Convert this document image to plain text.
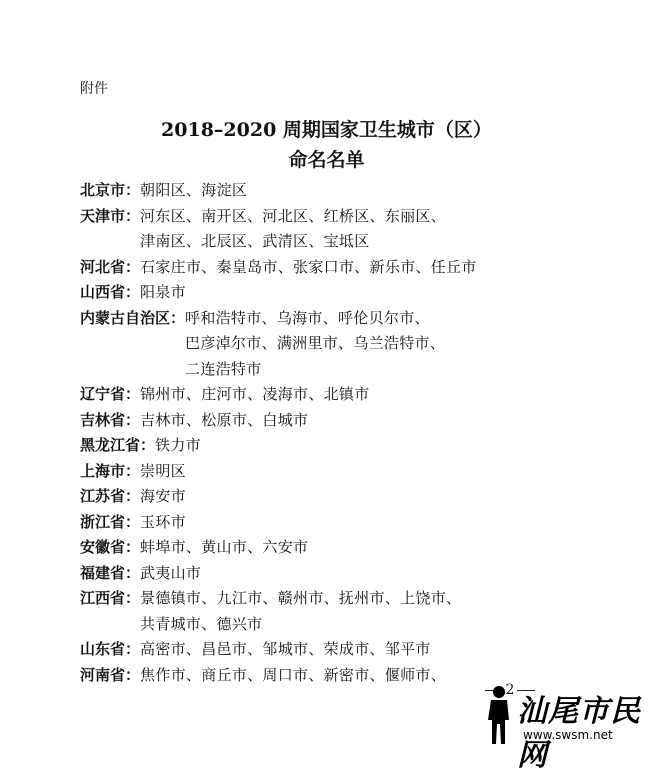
附件
2018–2020 周期国家卫生城市（区）
命名名单
北京市： 朝阳区、海淀区
天津市： 河东区、南开区、河北区、红桥区、东丽区、
津南区、北辰区、武清区、宝坻区
河北省： 石家庄市、秦皇岛市、张家口市、新乐市、任丘市
山西省： 阳泉市
内蒙古自治区： 呼和浩特市、乌海市、呼伦贝尔市、
巴彦淖尔市、满洲里市、乌兰浩特市、
二连浩特市
辽宁省： 锦州市、庄河市、凌海市、北镇市
吉林省： 吉林市、松原市、白城市
黑龙江省： 铁力市
上海市： 崇明区
江苏省： 海安市
浙江省： 玉环市
安徽省： 蚌埠市、黄山市、六安市
福建省： 武夷山市
江西省： 景德镇市、九江市、赣州市、抚州市、上饶市、
共青城市、德兴市
山东省： 高密市、昌邑市、邹城市、荣成市、邹平市
河南省： 焦作市、商丘市、周口市、新密市、偃师市、
2
汕尾市民网
www.swsm.net
